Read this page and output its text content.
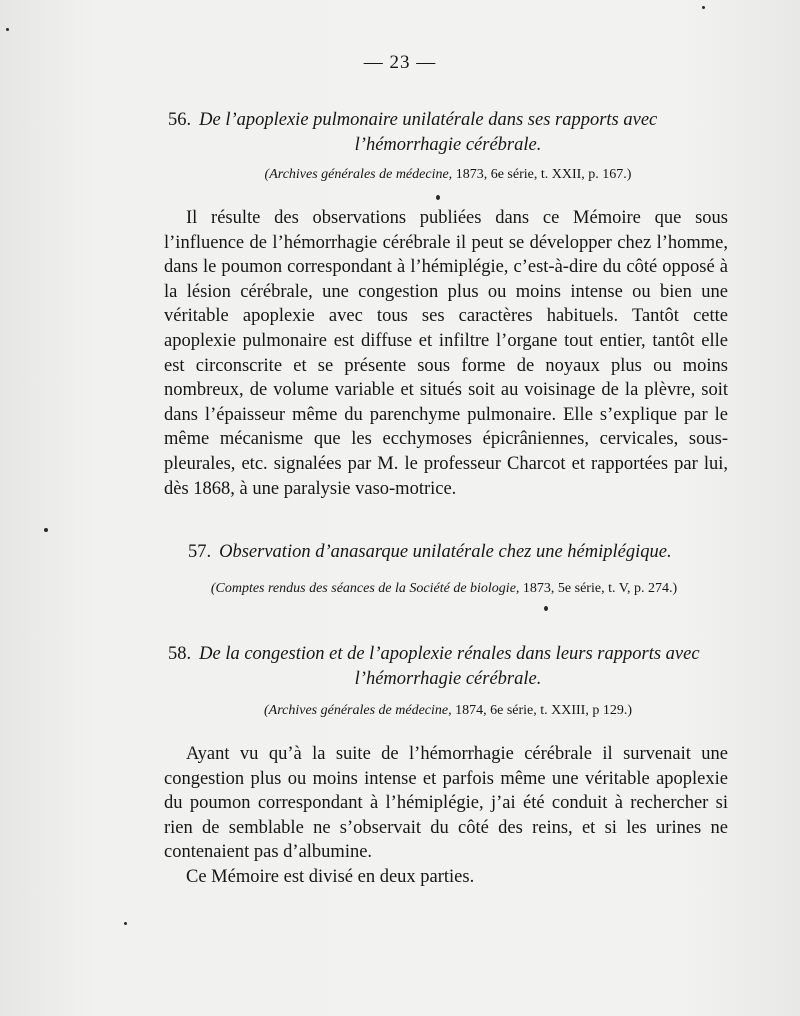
— 23 —
56. De l’apoplexie pulmonaire unilatérale dans ses rapports avec
l’hémorrhagie cérébrale.
(Archives générales de médecine, 1873, 6e série, t. XXII, p. 167.)

Il résulte des observations publiées dans ce Mémoire que sous l’influence de l’hémorrhagie cérébrale il peut se développer chez l’homme, dans le poumon correspondant à l’hémiplégie, c’est-à-dire du côté opposé à la lésion cérébrale, une congestion plus ou moins intense ou bien une véritable apoplexie avec tous ses caractères habituels. Tantôt cette apoplexie pulmonaire est diffuse et infiltre l’organe tout entier, tantôt elle est circonscrite et se présente sous forme de noyaux plus ou moins nombreux, de volume variable et situés soit au voisinage de la plèvre, soit dans l’épaisseur même du parenchyme pulmonaire. Elle s’explique par le même mécanisme que les ecchymoses épicrâniennes, cervicales, sous-pleurales, etc. signalées par M. le professeur Charcot et rapportées par lui, dès 1868, à une paralysie vaso-motrice.

57. Observation d’anasarque unilatérale chez une hémiplégique.
(Comptes rendus des séances de la Société de biologie, 1873, 5e série, t. V, p. 274.)
58. De la congestion et de l’apoplexie rénales dans leurs rapports avec
l’hémorrhagie cérébrale.
(Archives générales de médecine, 1874, 6e série, t. XXIII, p 129.)

Ayant vu qu’à la suite de l’hémorrhagie cérébrale il survenait une congestion plus ou moins intense et parfois même une véritable apoplexie du poumon correspondant à l’hémiplégie, j’ai été conduit à rechercher si rien de semblable ne s’observait du côté des reins, et si les urines ne contenaient pas d’albumine.

Ce Mémoire est divisé en deux parties.
